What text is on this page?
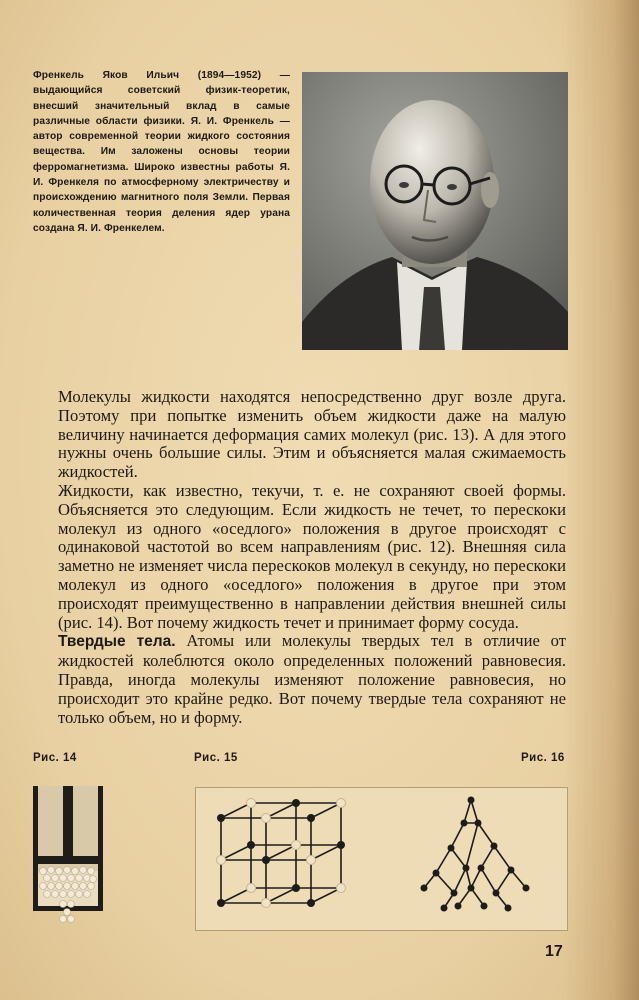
Френкель Яков Ильич (1894—1952) — выдающийся советский физик-теоретик, внесший значительный вклад в самые различные области физики. Я. И. Френкель — автор современной теории жидкого состояния вещества. Им заложены основы теории ферромагнетизма. Широко известны работы Я. И. Френкеля по атмосферному электричеству и происхождению магнитного поля Земли. Первая количественная теория деления ядер урана создана Я. И. Френкелем.

Молекулы жидкости находятся непосредственно друг возле друга. Поэтому при попытке изменить объем жидкости даже на малую величину начинается деформация самих молекул (рис. 13). А для этого нужны очень большие силы. Этим и объясняется малая сжимаемость жидкостей.

Жидкости, как известно, текучи, т. е. не сохраняют своей формы. Объясняется это следующим. Если жидкость не течет, то перескоки молекул из одного «оседлого» положения в другое происходят с одинаковой частотой во всем направлениям (рис. 12). Внешняя сила заметно не изменяет числа перескоков молекул в секунду, но перескоки молекул из одного «оседлого» положения в другое при этом происходят преимущественно в направлении действия внешней силы (рис. 14). Вот почему жидкость течет и принимает форму сосуда.

Твердые тела. Атомы или молекулы твердых тел в отличие от жидкостей колеблются около определенных положений равновесия. Правда, иногда молекулы изменяют положение равновесия, но происходит это крайне редко. Вот почему твердые тела сохраняют не только объем, но и форму.

Рис. 14	Рис. 15	Рис. 16
17
